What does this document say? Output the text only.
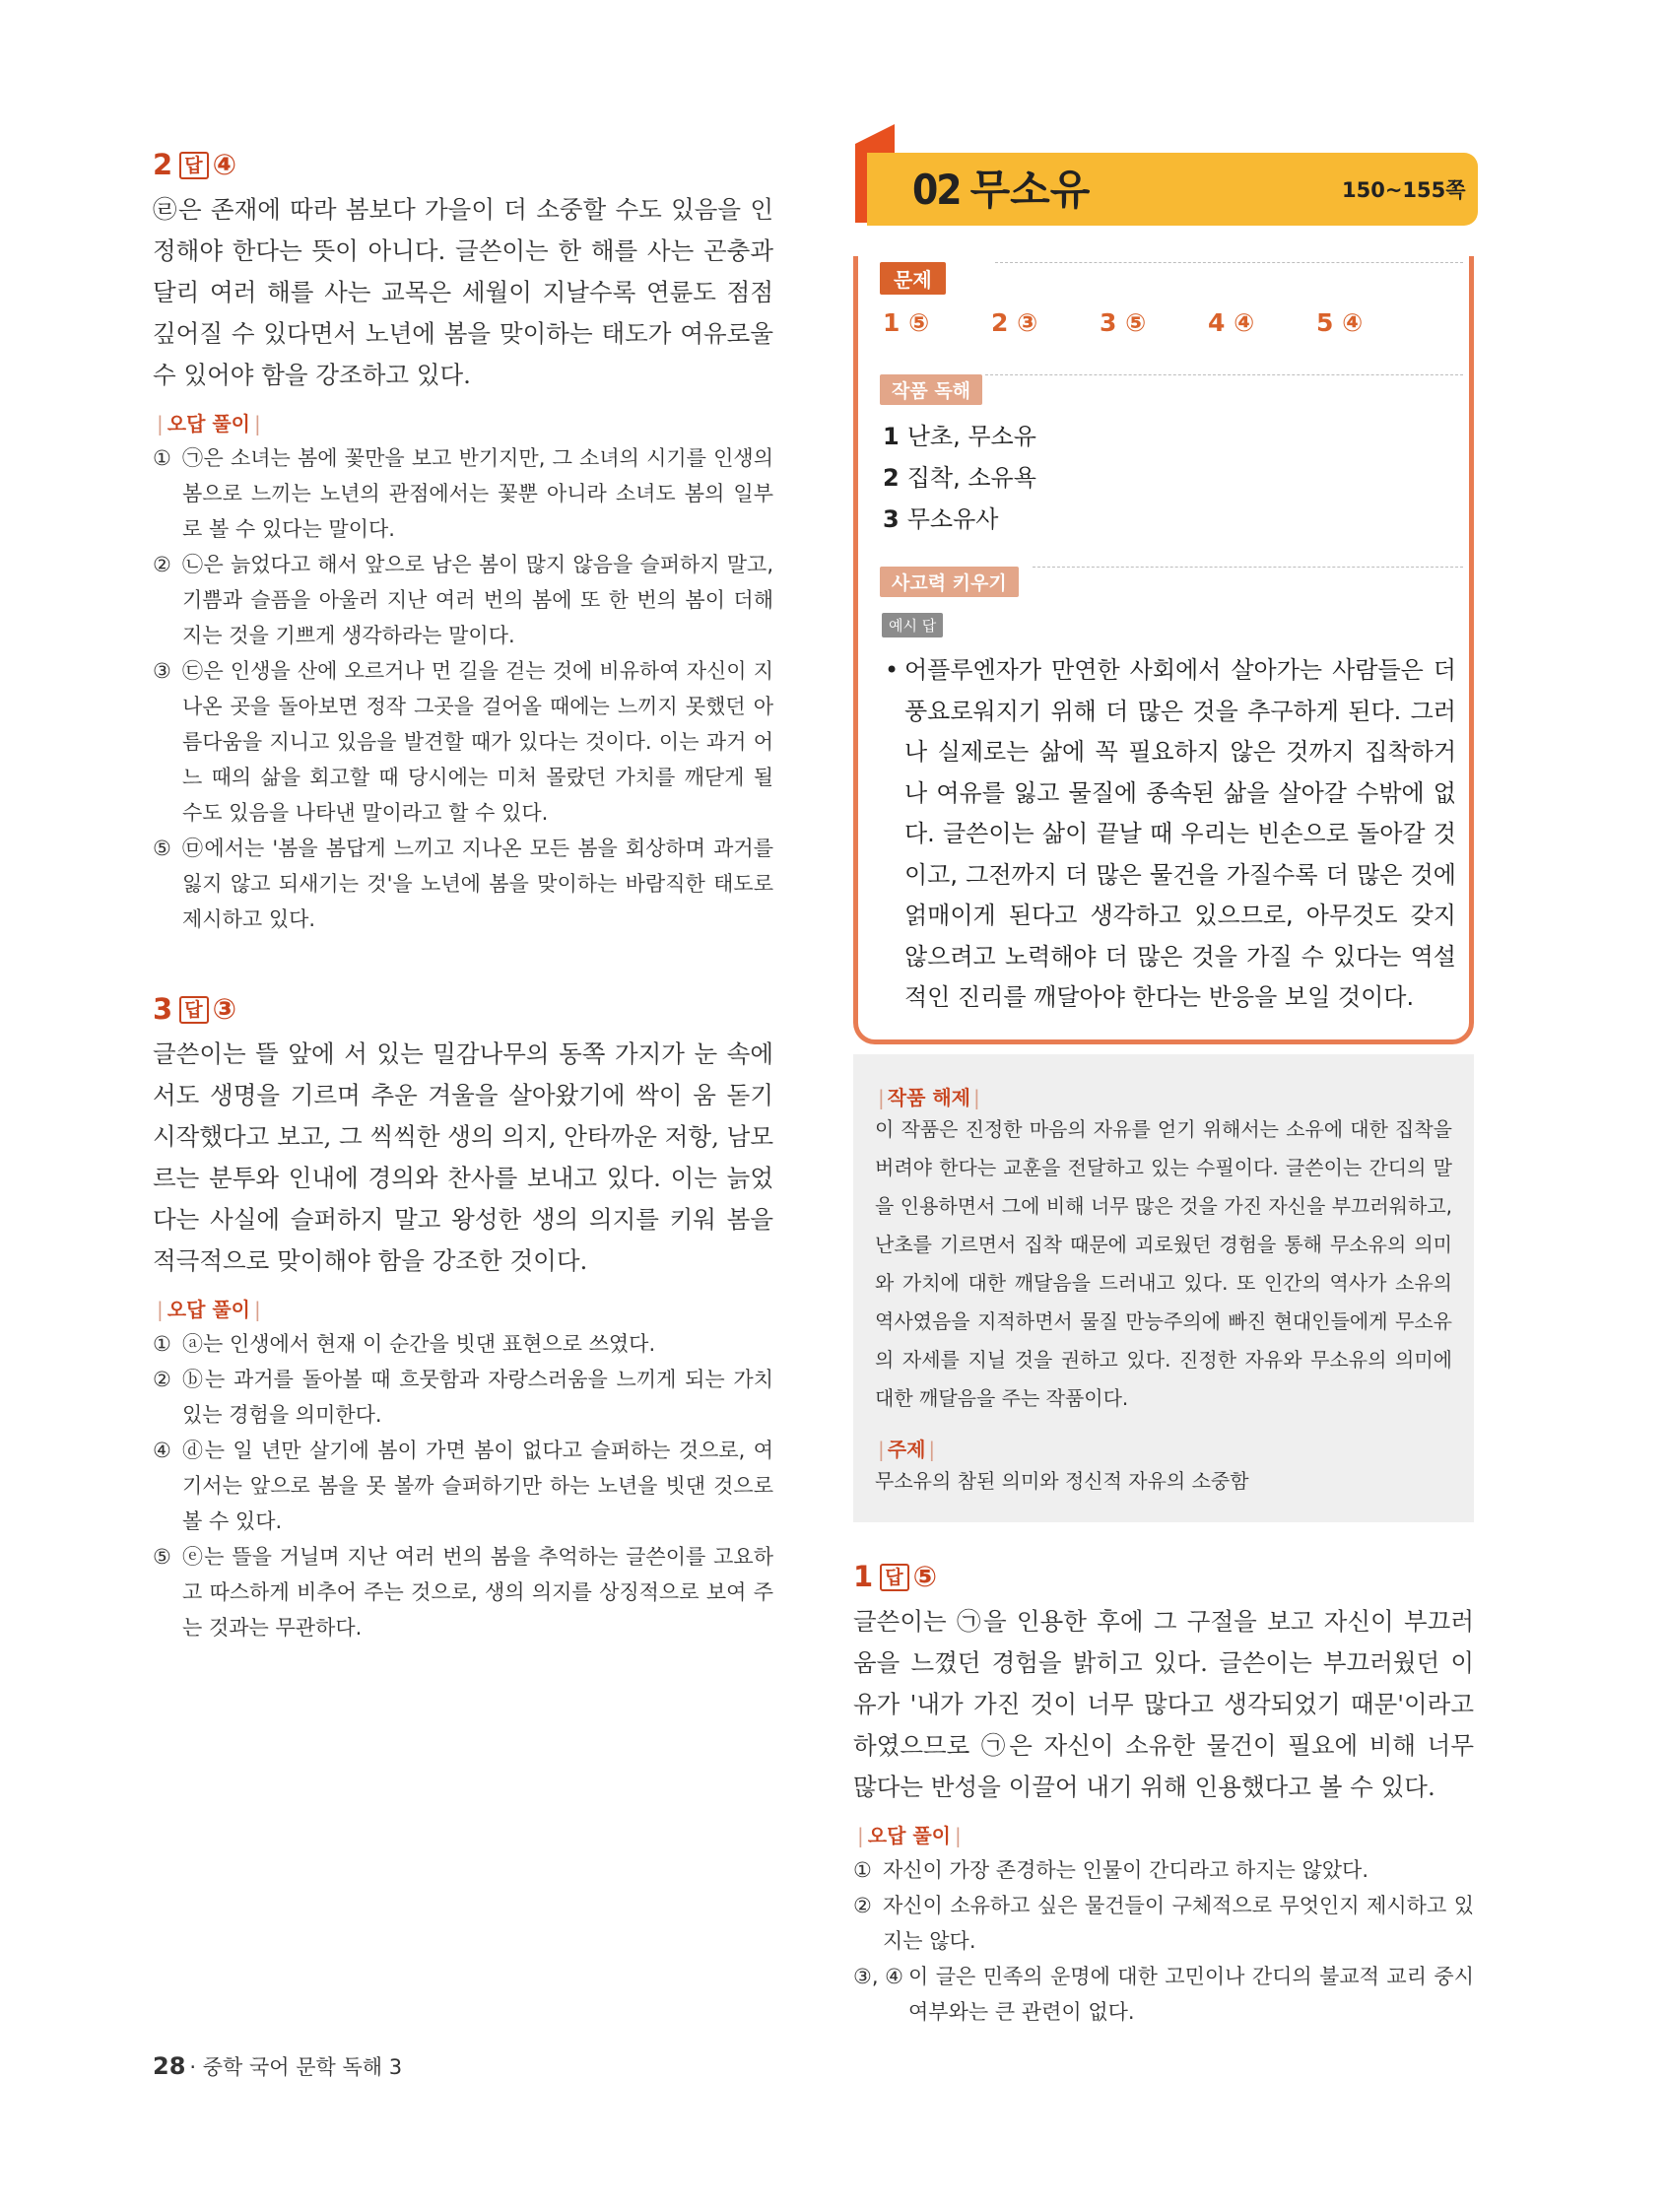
2 답 ④

㉣은 존재에 따라 봄보다 가을이 더 소중할 수도 있음을 인정해야 한다는 뜻이 아니다. 글쓴이는 한 해를 사는 곤충과 달리 여러 해를 사는 교목은 세월이 지날수록 연륜도 점점 깊어질 수 있다면서 노년에 봄을 맞이하는 태도가 여유로울 수 있어야 함을 강조하고 있다.

| 오답 풀이 |
① ㉠은 소녀는 봄에 꽃만을 보고 반기지만, 그 소녀의 시기를 인생의 봄으로 느끼는 노년의 관점에서는 꽃뿐 아니라 소녀도 봄의 일부로 볼 수 있다는 말이다.
② ㉡은 늙었다고 해서 앞으로 남은 봄이 많지 않음을 슬퍼하지 말고, 기쁨과 슬픔을 아울러 지난 여러 번의 봄에 또 한 번의 봄이 더해지는 것을 기쁘게 생각하라는 말이다.
③ ㉢은 인생을 산에 오르거나 먼 길을 걷는 것에 비유하여 자신이 지나온 곳을 돌아보면 정작 그곳을 걸어올 때에는 느끼지 못했던 아름다움을 지니고 있음을 발견할 때가 있다는 것이다. 이는 과거 어느 때의 삶을 회고할 때 당시에는 미처 몰랐던 가치를 깨닫게 될 수도 있음을 나타낸 말이라고 할 수 있다.
⑤ ㉤에서는 '봄을 봄답게 느끼고 지나온 모든 봄을 회상하며 과거를 잃지 않고 되새기는 것'을 노년에 봄을 맞이하는 바람직한 태도로 제시하고 있다.
3 답 ③

글쓴이는 뜰 앞에 서 있는 밀감나무의 동쪽 가지가 눈 속에서도 생명을 기르며 추운 겨울을 살아왔기에 싹이 움 돋기 시작했다고 보고, 그 씩씩한 생의 의지, 안타까운 저항, 남모르는 분투와 인내에 경의와 찬사를 보내고 있다. 이는 늙었다는 사실에 슬퍼하지 말고 왕성한 생의 의지를 키워 봄을 적극적으로 맞이해야 함을 강조한 것이다.

| 오답 풀이 |
① ⓐ는 인생에서 현재 이 순간을 빗댄 표현으로 쓰였다.
② ⓑ는 과거를 돌아볼 때 흐뭇함과 자랑스러움을 느끼게 되는 가치 있는 경험을 의미한다.
④ ⓓ는 일 년만 살기에 봄이 가면 봄이 없다고 슬퍼하는 것으로, 여기서는 앞으로 봄을 못 볼까 슬퍼하기만 하는 노년을 빗댄 것으로 볼 수 있다.
⑤ ⓔ는 뜰을 거닐며 지난 여러 번의 봄을 추억하는 글쓴이를 고요하고 따스하게 비추어 주는 것으로, 생의 의지를 상징적으로 보여 주는 것과는 무관하다.
02 무소유	150~155쪽
문제
1 ⑤	2 ③	3 ⑤	4 ④	5 ④
작품 독해
1 난초, 무소유
2 집착, 소유욕
3 무소유사
사고력 키우기
예시 답
• 어플루엔자가 만연한 사회에서 살아가는 사람들은 더 풍요로워지기 위해 더 많은 것을 추구하게 된다. 그러나 실제로는 삶에 꼭 필요하지 않은 것까지 집착하거나 여유를 잃고 물질에 종속된 삶을 살아갈 수밖에 없다. 글쓴이는 삶이 끝날 때 우리는 빈손으로 돌아갈 것이고, 그전까지 더 많은 물건을 가질수록 더 많은 것에 얽매이게 된다고 생각하고 있으므로, 아무것도 갖지 않으려고 노력해야 더 많은 것을 가질 수 있다는 역설적인 진리를 깨달아야 한다는 반응을 보일 것이다.
| 작품 해제 |
이 작품은 진정한 마음의 자유를 얻기 위해서는 소유에 대한 집착을 버려야 한다는 교훈을 전달하고 있는 수필이다. 글쓴이는 간디의 말을 인용하면서 그에 비해 너무 많은 것을 가진 자신을 부끄러워하고, 난초를 기르면서 집착 때문에 괴로웠던 경험을 통해 무소유의 의미와 가치에 대한 깨달음을 드러내고 있다. 또 인간의 역사가 소유의 역사였음을 지적하면서 물질 만능주의에 빠진 현대인들에게 무소유의 자세를 지닐 것을 권하고 있다. 진정한 자유와 무소유의 의미에 대한 깨달음을 주는 작품이다.
| 주제 |
무소유의 참된 의미와 정신적 자유의 소중함
1 답 ⑤

글쓴이는 ㉠을 인용한 후에 그 구절을 보고 자신이 부끄러움을 느꼈던 경험을 밝히고 있다. 글쓴이는 부끄러웠던 이유가 '내가 가진 것이 너무 많다고 생각되었기 때문'이라고 하였으므로 ㉠은 자신이 소유한 물건이 필요에 비해 너무 많다는 반성을 이끌어 내기 위해 인용했다고 볼 수 있다.

| 오답 풀이 |
① 자신이 가장 존경하는 인물이 간디라고 하지는 않았다.
② 자신이 소유하고 싶은 물건들이 구체적으로 무엇인지 제시하고 있지는 않다.
③, ④ 이 글은 민족의 운명에 대한 고민이나 간디의 불교적 교리 중시 여부와는 큰 관련이 없다.
28 · 중학 국어 문학 독해 3
